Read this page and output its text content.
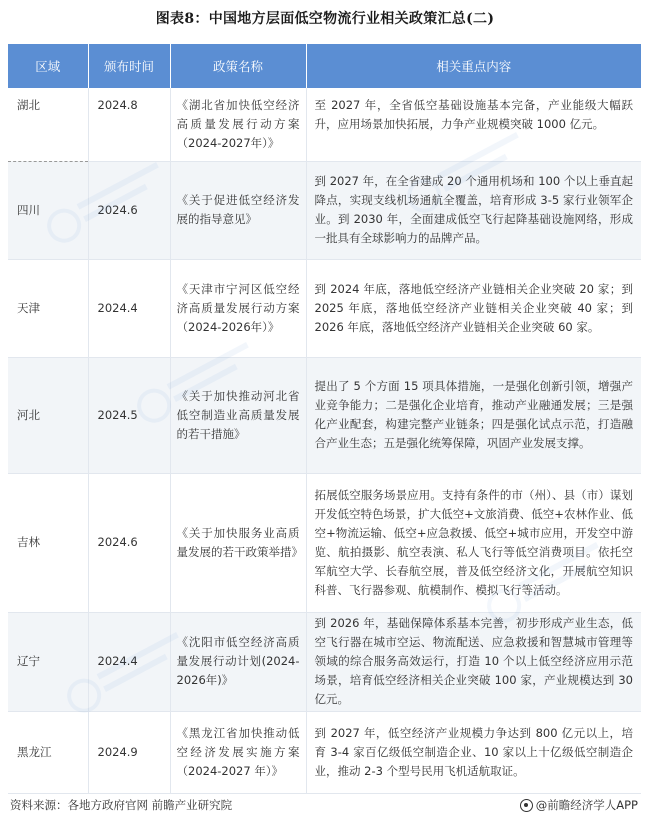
图表8：中国地方层面低空物流行业相关政策汇总(二)
区域	颁布时间	政策名称	相关重点内容
湖北	2024.8	《湖北省加快低空经济高质量发展行动方案（2024-2027年）》	至 2027 年，全省低空基础设施基本完备，产业能级大幅跃升，应用场景加快拓展，力争产业规模突破 1000 亿元。
四川	2024.6	《关于促进低空经济发展的指导意见》	到 2027 年，在全省建成 20 个通用机场和 100 个以上垂直起降点，实现支线机场通航全覆盖，培育形成 3-5 家行业领军企业。到 2030 年，全面建成低空飞行起降基础设施网络，形成一批具有全球影响力的品牌产品。
天津	2024.4	《天津市宁河区低空经济高质量发展行动方案（2024-2026年）》	到 2024 年底，落地低空经济产业链相关企业突破 20 家；到 2025 年底，落地低空经济产业链相关企业突破 40 家；到 2026 年底，落地低空经济产业链相关企业突破 60 家。
河北	2024.5	《关于加快推动河北省低空制造业高质量发展的若干措施》	提出了 5 个方面 15 项具体措施，一是强化创新引领，增强产业竞争能力；二是强化企业培育，推动产业融通发展；三是强化产业配套，构建完整产业链条；四是强化试点示范，打造融合产业生态；五是强化统筹保障，巩固产业发展支撑。
吉林	2024.6	《关于加快服务业高质量发展的若干政策举措》	拓展低空服务场景应用。支持有条件的市（州）、县（市）谋划开发低空特色场景，扩大低空+文旅消费、低空+农林作业、低空+物流运输、低空+应急救援、低空+城市应用，开发空中游览、航拍摄影、航空表演、私人飞行等低空消费项目。依托空军航空大学、长春航空展，普及低空经济文化，开展航空知识科普、飞行器参观、航模制作、模拟飞行等活动。
辽宁	2024.4	《沈阳市低空经济高质量发展行动计划(2024-2026年)》	到 2026 年，基础保障体系基本完善，初步形成产业生态，低空飞行器在城市空运、物流配送、应急救援和智慧城市管理等领域的综合服务高效运行，打造 10 个以上低空经济应用示范场景，培育低空经济相关企业突破 100 家，产业规模达到 30 亿元。
黑龙江	2024.9	《黑龙江省加快推动低空经济发展实施方案（2024-2027 年）》	到 2027 年，低空经济产业规模力争达到 800 亿元以上，培育 3-4 家百亿级低空制造企业、10 家以上十亿级低空制造企业，推动 2-3 个型号民用飞机适航取证。
资料来源：各地方政府官网 前瞻产业研究院	@前瞻经济学人APP
